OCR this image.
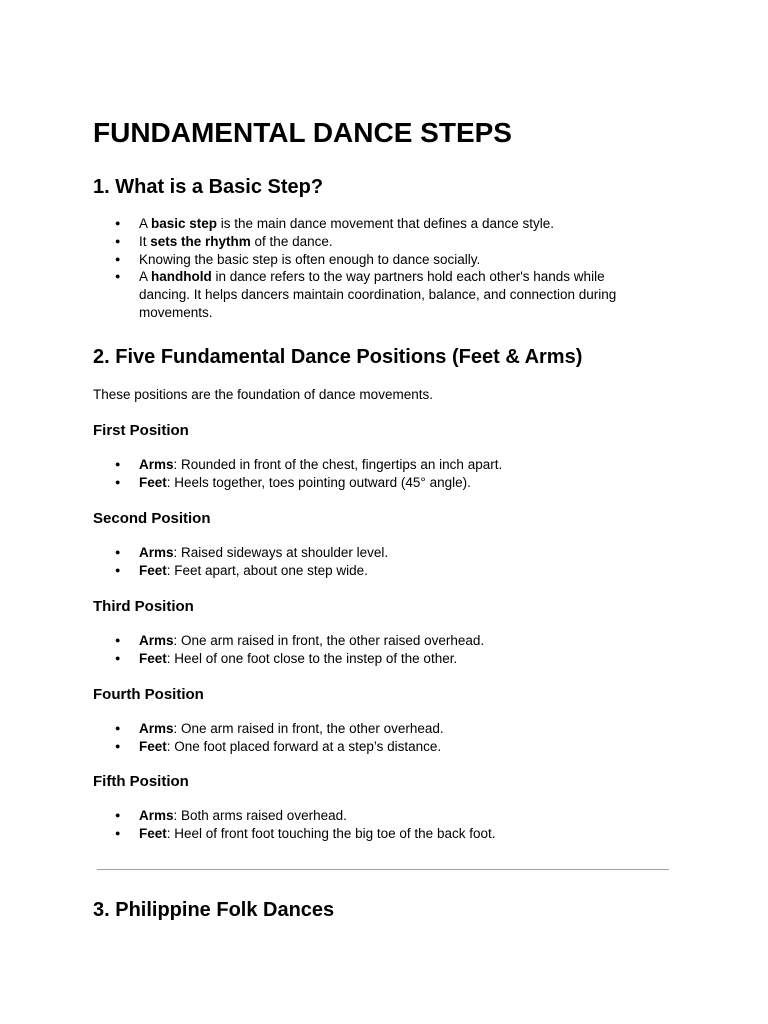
FUNDAMENTAL DANCE STEPS
1. What is a Basic Step?
● A basic step is the main dance movement that defines a dance style.
● It sets the rhythm of the dance.
● Knowing the basic step is often enough to dance socially.
● A handhold in dance refers to the way partners hold each other's hands while dancing. It helps dancers maintain coordination, balance, and connection during movements.
2. Five Fundamental Dance Positions (Feet & Arms)

These positions are the foundation of dance movements.

First Position
● Arms: Rounded in front of the chest, fingertips an inch apart.
● Feet: Heels together, toes pointing outward (45° angle).
Second Position
● Arms: Raised sideways at shoulder level.
● Feet: Feet apart, about one step wide.
Third Position
● Arms: One arm raised in front, the other raised overhead.
● Feet: Heel of one foot close to the instep of the other.
Fourth Position
● Arms: One arm raised in front, the other overhead.
● Feet: One foot placed forward at a step’s distance.
Fifth Position
● Arms: Both arms raised overhead.
● Feet: Heel of front foot touching the big toe of the back foot.
3. Philippine Folk Dances
